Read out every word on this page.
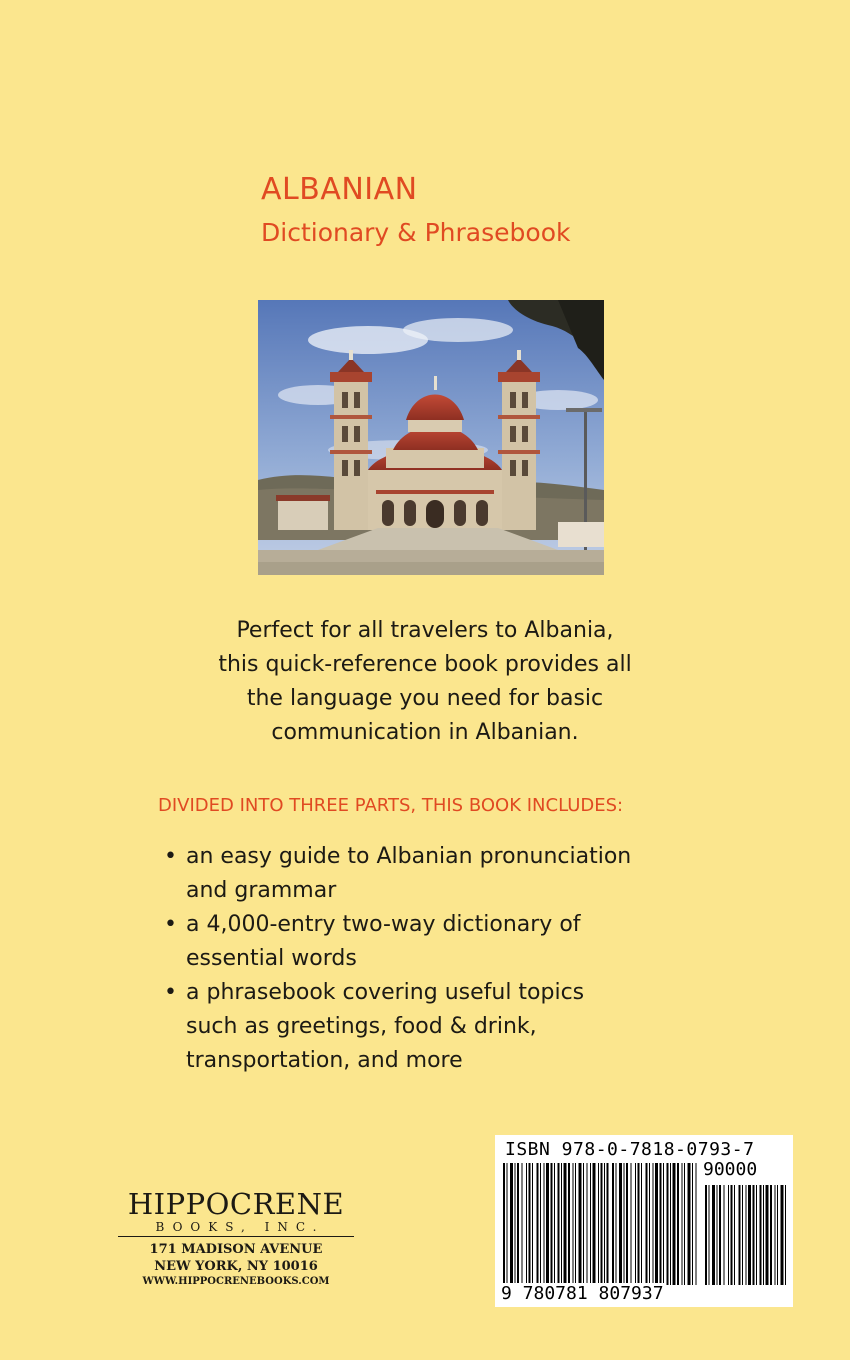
ALBANIAN
Dictionary & Phrasebook
Perfect for all travelers to Albania,
this quick-reference book provides all
the language you need for basic
communication in Albanian.
DIVIDED INTO THREE PARTS, THIS BOOK INCLUDES:
• an easy guide to Albanian pronunciation
and grammar
• a 4,000-entry two-way dictionary of
essential words
• a phrasebook covering useful topics
such as greetings, food & drink,
transportation, and more
HIPPOCRENE
BOOKS, INC.
171 MADISON AVENUE
NEW YORK, NY 10016
WWW.HIPPOCRENEBOOKS.COM
ISBN 978-0-7818-0793-7
90000
9 780781 807937
